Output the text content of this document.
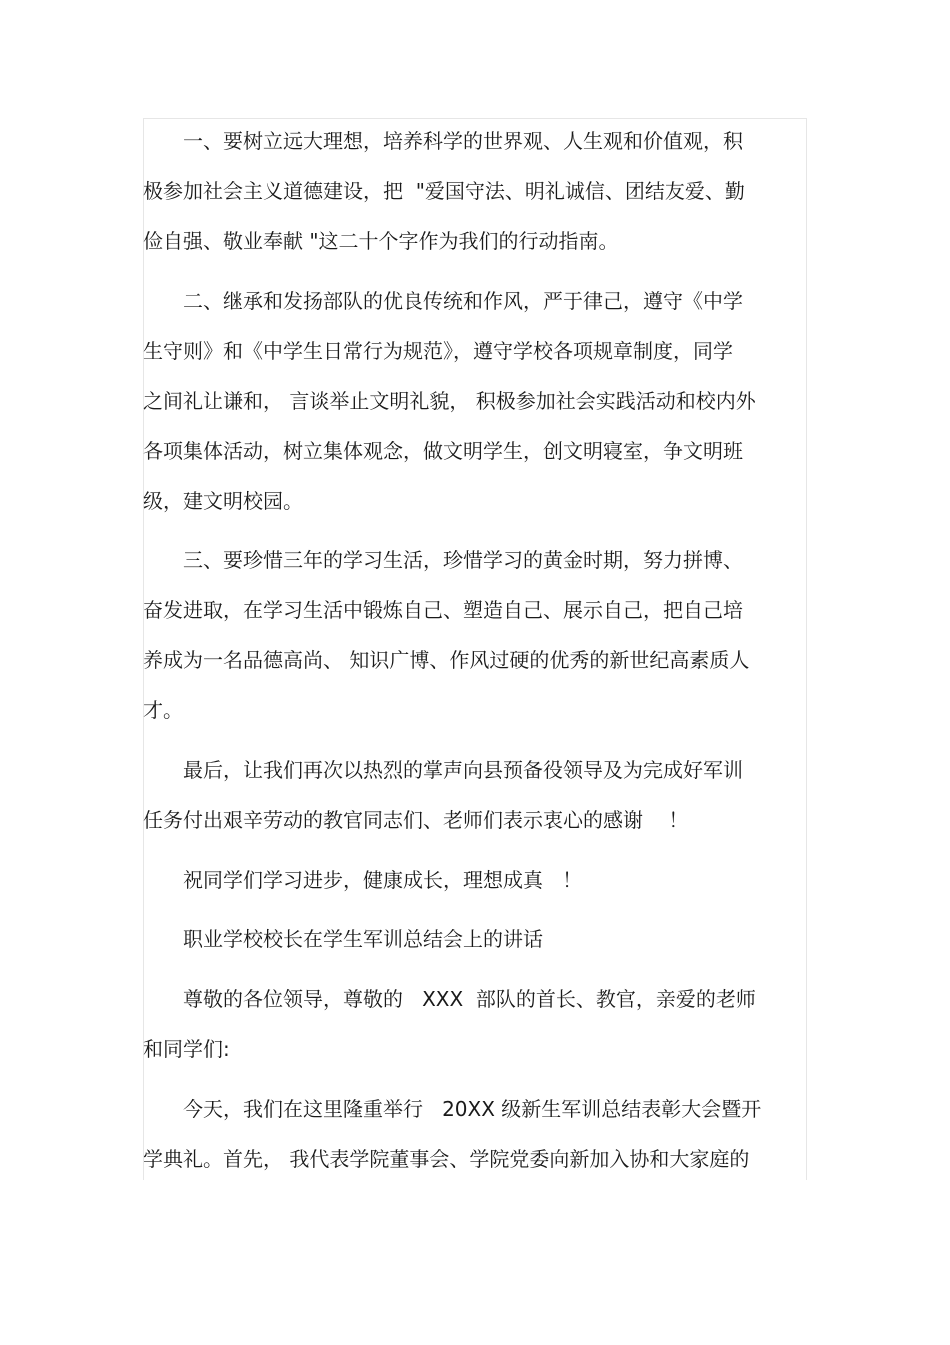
一、要树立远大理想，培养科学的世界观、人生观和价值观，积
极参加社会主义道德建设，把  "爱国守法、明礼诚信、团结友爱、勤
俭自强、敬业奉献 "这二十个字作为我们的行动指南。
二、继承和发扬部队的优良传统和作风，严于律己，遵守《中学
生守则》和《中学生日常行为规范》，遵守学校各项规章制度，同学
之间礼让谦和， 言谈举止文明礼貌， 积极参加社会实践活动和校内外
各项集体活动，树立集体观念，做文明学生，创文明寝室，争文明班
级，建文明校园。
三、要珍惜三年的学习生活，珍惜学习的黄金时期，努力拼博、
奋发进取，在学习生活中锻炼自己、塑造自己、展示自己，把自己培
养成为一名品德高尚、 知识广博、作风过硬的优秀的新世纪高素质人
才。
最后，让我们再次以热烈的掌声向县预备役领导及为完成好军训
任务付出艰辛劳动的教官同志们、老师们表示衷心的感谢    ！
祝同学们学习进步，健康成长，理想成真   ！
职业学校校长在学生军训总结会上的讲话
尊敬的各位领导，尊敬的   XXX  部队的首长、教官，亲爱的老师
和同学们:
今天，我们在这里隆重举行   20XX 级新生军训总结表彰大会暨开
学典礼。首先， 我代表学院董事会、学院党委向新加入协和大家庭的
